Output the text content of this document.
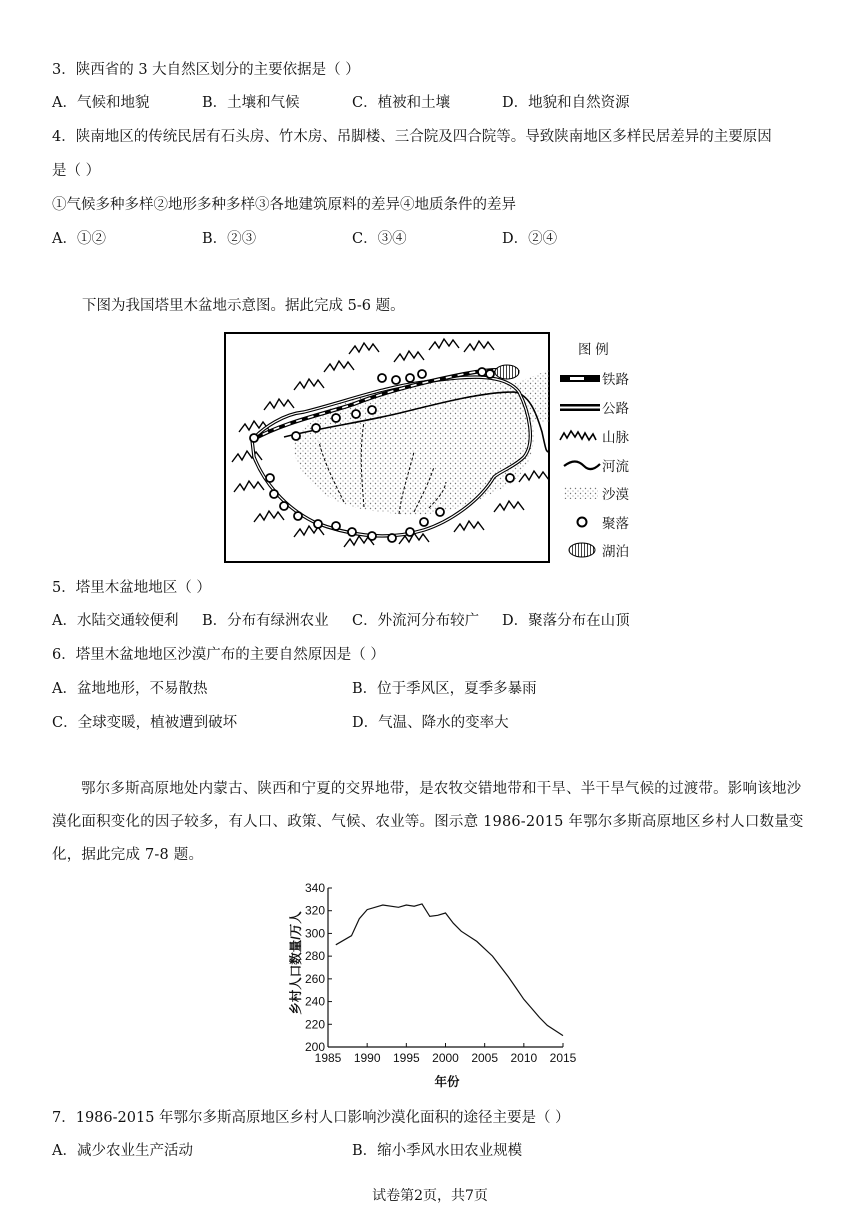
3．陕西省的 3 大自然区划分的主要依据是（ ）
A．气候和地貌	B．土壤和气候	C．植被和土壤	D．地貌和自然资源
4．陕南地区的传统民居有石头房、竹木房、吊脚楼、三合院及四合院等。导致陕南地区多样民居差异的主要原因
是（ ）
①气候多种多样②地形多种多样③各地建筑原料的差异④地质条件的差异
A．①②	B．②③	C．③④	D．②④
下图为我国塔里木盆地示意图。据此完成 5-6 题。
图 例
铁路
公路
山脉
河流
沙漠
聚落
湖泊
5．塔里木盆地地区（ ）
A．水陆交通较便利 B．分布有绿洲农业 C．外流河分布较广 D．聚落分布在山顶
6．塔里木盆地地区沙漠广布的主要自然原因是（ ）
A．盆地地形，不易散热	B．位于季风区，夏季多暴雨
C．全球变暖，植被遭到破坏	D．气温、降水的变率大
鄂尔多斯高原地处内蒙古、陕西和宁夏的交界地带，是农牧交错地带和干旱、半干旱气候的过渡带。影响该地沙漠化面积变化的因子较多，有人口、政策、气候、农业等。图示意 1986-2015 年鄂尔多斯高原地区乡村人口数量变化，据此完成 7-8 题。
200
220
240
260
280
300
320
340
1985 1990 1995 2000 2005 2010 2015
乡村人口数量/万人
年份
7．1986-2015 年鄂尔多斯高原地区乡村人口影响沙漠化面积的途径主要是（ ）
A．减少农业生产活动	B．缩小季风水田农业规模
试卷第2页，共7页
